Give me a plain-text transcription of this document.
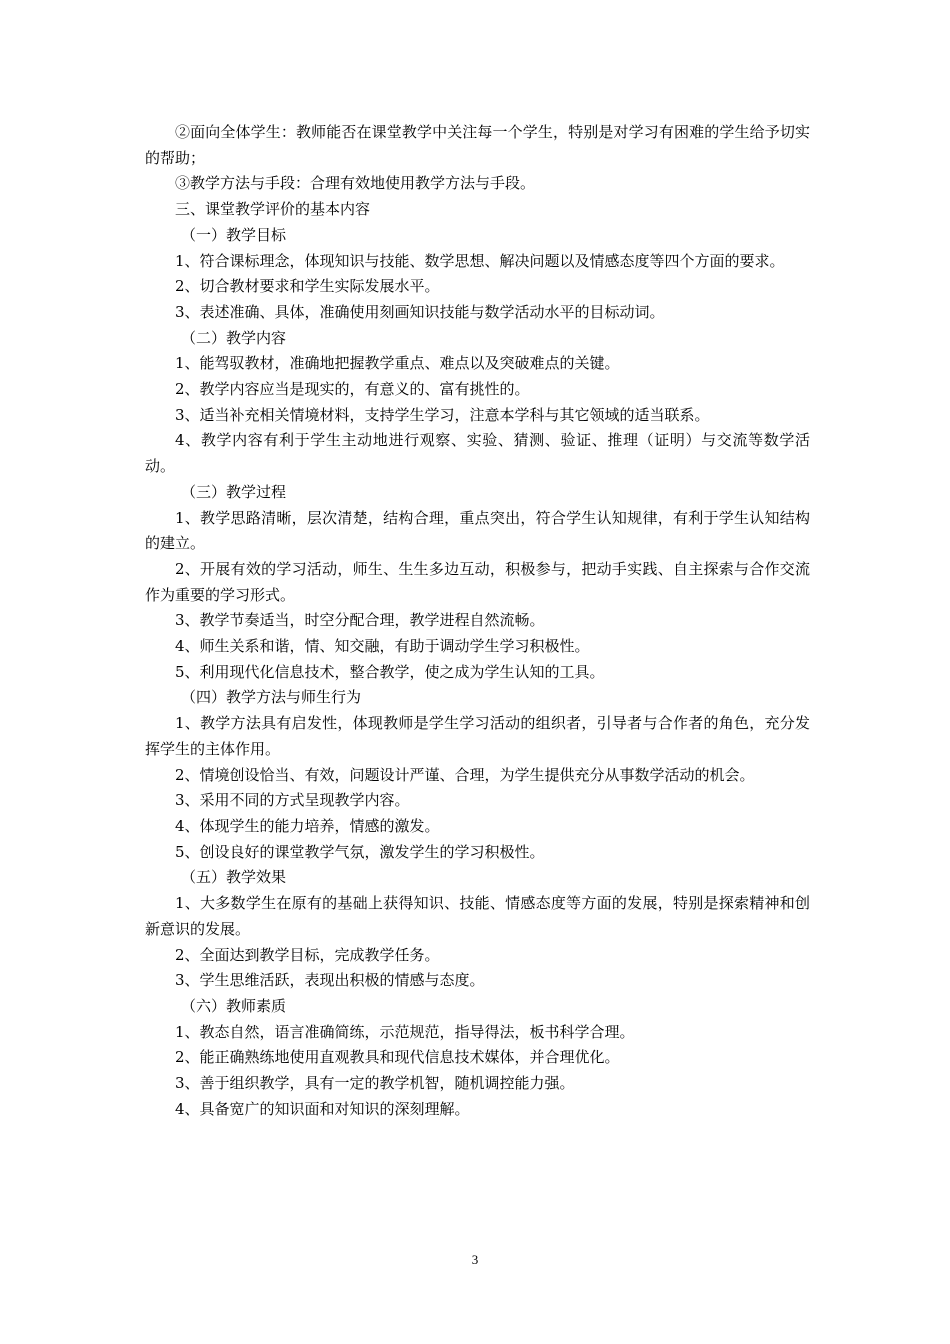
②面向全体学生：教师能否在课堂教学中关注每一个学生，特别是对学习有困难的学生给予切实的帮助；

③教学方法与手段：合理有效地使用教学方法与手段。

三、课堂教学评价的基本内容

（一）教学目标

1、符合课标理念，体现知识与技能、数学思想、解决问题以及情感态度等四个方面的要求。

2、切合教材要求和学生实际发展水平。

3、表述准确、具体，准确使用刻画知识技能与数学活动水平的目标动词。

（二）教学内容

1、能驾驭教材，准确地把握教学重点、难点以及突破难点的关键。

2、教学内容应当是现实的，有意义的、富有挑性的。

3、适当补充相关情境材料，支持学生学习，注意本学科与其它领域的适当联系。

4、教学内容有利于学生主动地进行观察、实验、猜测、验证、推理（证明）与交流等数学活动。

（三）教学过程

1、教学思路清晰，层次清楚，结构合理，重点突出，符合学生认知规律，有利于学生认知结构的建立。

2、开展有效的学习活动，师生、生生多边互动，积极参与，把动手实践、自主探索与合作交流作为重要的学习形式。

3、教学节奏适当，时空分配合理，教学进程自然流畅。

4、师生关系和谐，情、知交融，有助于调动学生学习积极性。

5、利用现代化信息技术，整合教学，使之成为学生认知的工具。

（四）教学方法与师生行为

1、教学方法具有启发性，体现教师是学生学习活动的组织者，引导者与合作者的角色，充分发挥学生的主体作用。

2、情境创设恰当、有效，问题设计严谨、合理，为学生提供充分从事数学活动的机会。

3、采用不同的方式呈现教学内容。

4、体现学生的能力培养，情感的激发。

5、创设良好的课堂教学气氛，激发学生的学习积极性。

（五）教学效果

1、大多数学生在原有的基础上获得知识、技能、情感态度等方面的发展，特别是探索精神和创新意识的发展。

2、全面达到教学目标，完成教学任务。

3、学生思维活跃，表现出积极的情感与态度。

（六）教师素质

1、教态自然，语言准确简练，示范规范，指导得法，板书科学合理。

2、能正确熟练地使用直观教具和现代信息技术媒体，并合理优化。

3、善于组织教学，具有一定的教学机智，随机调控能力强。

4、具备宽广的知识面和对知识的深刻理解。

3
